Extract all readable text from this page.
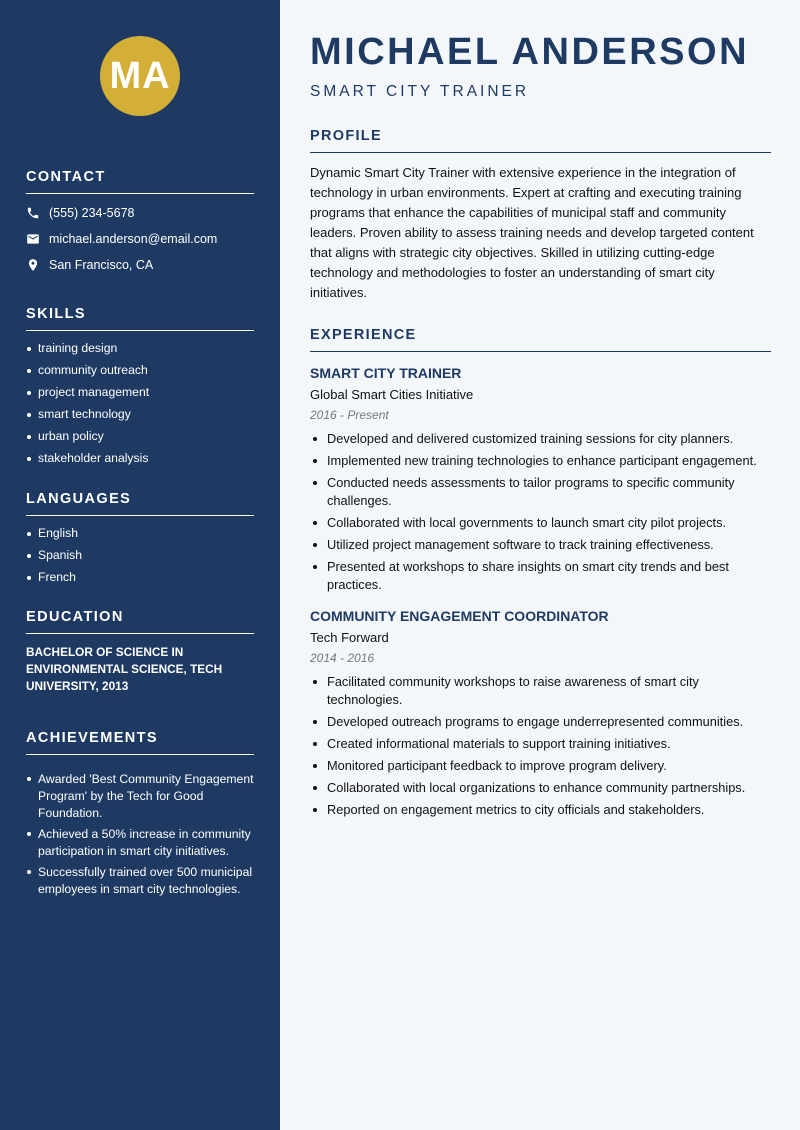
MA
CONTACT
(555) 234-5678
michael.anderson@email.com
San Francisco, CA
SKILLS
training design
community outreach
project management
smart technology
urban policy
stakeholder analysis
LANGUAGES
English
Spanish
French
EDUCATION
BACHELOR OF SCIENCE IN ENVIRONMENTAL SCIENCE, TECH UNIVERSITY, 2013
ACHIEVEMENTS
Awarded 'Best Community Engagement Program' by the Tech for Good Foundation.
Achieved a 50% increase in community participation in smart city initiatives.
Successfully trained over 500 municipal employees in smart city technologies.
MICHAEL ANDERSON
SMART CITY TRAINER
PROFILE

Dynamic Smart City Trainer with extensive experience in the integration of technology in urban environments. Expert at crafting and executing training programs that enhance the capabilities of municipal staff and community leaders. Proven ability to assess training needs and develop targeted content that aligns with strategic city objectives. Skilled in utilizing cutting-edge technology and methodologies to foster an understanding of smart city initiatives.

EXPERIENCE
SMART CITY TRAINER
Global Smart Cities Initiative
2016 - Present
Developed and delivered customized training sessions for city planners.
Implemented new training technologies to enhance participant engagement.
Conducted needs assessments to tailor programs to specific community challenges.
Collaborated with local governments to launch smart city pilot projects.
Utilized project management software to track training effectiveness.
Presented at workshops to share insights on smart city trends and best practices.
COMMUNITY ENGAGEMENT COORDINATOR
Tech Forward
2014 - 2016
Facilitated community workshops to raise awareness of smart city technologies.
Developed outreach programs to engage underrepresented communities.
Created informational materials to support training initiatives.
Monitored participant feedback to improve program delivery.
Collaborated with local organizations to enhance community partnerships.
Reported on engagement metrics to city officials and stakeholders.
